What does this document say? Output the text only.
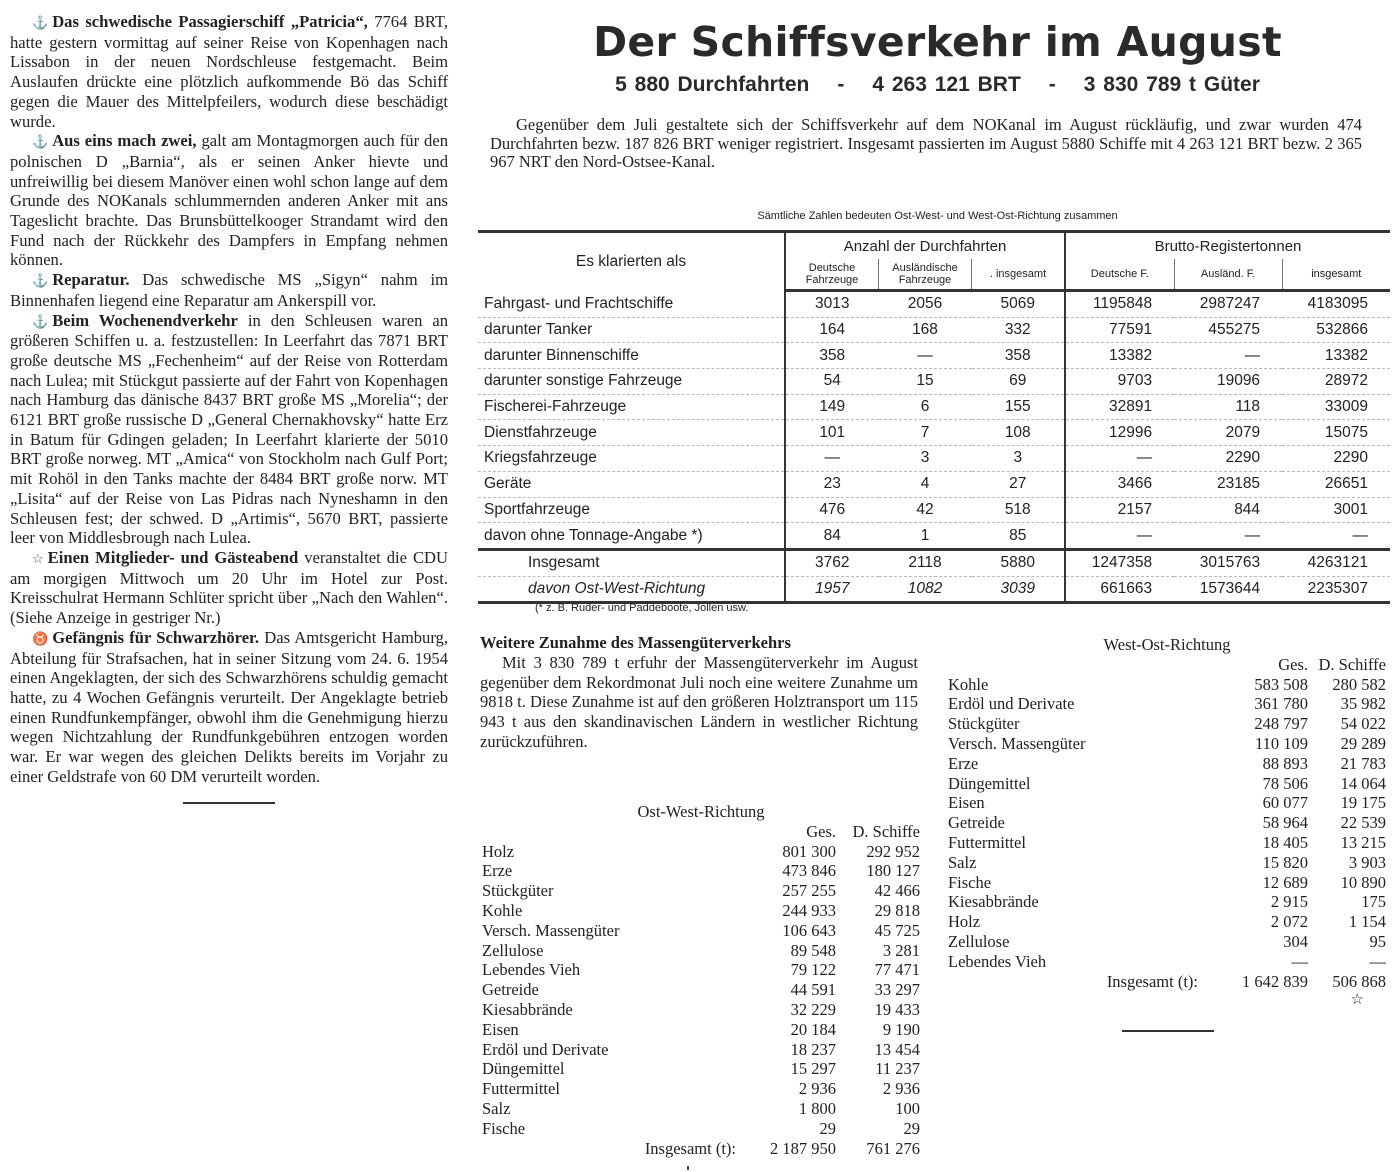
⚓ Das schwedische Passagierschiff „Patricia“, 7764 BRT, hatte gestern vormittag auf seiner Reise von Kopenhagen nach Lissabon in der neuen Nordschleuse festgemacht. Beim Auslaufen drückte eine plötzlich aufkommende Bö das Schiff gegen die Mauer des Mittelpfeilers, wodurch diese beschädigt wurde.

⚓ Aus eins mach zwei, galt am Montagmorgen auch für den polnischen D „Barnia“, als er seinen Anker hievte und unfreiwillig bei diesem Manöver einen wohl schon lange auf dem Grunde des NOKanals schlummernden anderen Anker mit ans Tageslicht brachte. Das Brunsbüttelkooger Strandamt wird den Fund nach der Rückkehr des Dampfers in Empfang nehmen können.

⚓ Reparatur. Das schwedische MS „Sigyn“ nahm im Binnenhafen liegend eine Reparatur am Ankerspill vor.

⚓ Beim Wochenendverkehr in den Schleusen waren an größeren Schiffen u. a. festzustellen: In Leerfahrt das 7871 BRT große deutsche MS „Fechenheim“ auf der Reise von Rotterdam nach Lulea; mit Stückgut passierte auf der Fahrt von Kopenhagen nach Hamburg das dänische 8437 BRT große MS „Morelia“; der 6121 BRT große russische D „General Chernakhovsky“ hatte Erz in Batum für Gdingen geladen; In Leerfahrt klarierte der 5010 BRT große norweg. MT „Amica“ von Stockholm nach Gulf Port; mit Rohöl in den Tanks machte der 8484 BRT große norw. MT „Lisita“ auf der Reise von Las Pidras nach Nyneshamn in den Schleusen fest; der schwed. D „Artimis“, 5670 BRT, passierte leer von Middlesbrough nach Lulea.

☆ Einen Mitglieder- und Gästeabend veranstaltet die CDU am morgigen Mittwoch um 20 Uhr im Hotel zur Post. Kreisschulrat Hermann Schlüter spricht über „Nach den Wahlen“. (Siehe Anzeige in gestriger Nr.)

♉ Gefängnis für Schwarzhörer. Das Amtsgericht Hamburg, Abteilung für Strafsachen, hat in seiner Sitzung vom 24. 6. 1954 einen Angeklagten, der sich des Schwarzhörens schuldig gemacht hatte, zu 4 Wochen Gefängnis verurteilt. Der Angeklagte betrieb einen Rundfunkempfänger, obwohl ihm die Genehmigung hierzu wegen Nichtzahlung der Rundfunkgebühren entzogen worden war. Er war wegen des gleichen Delikts bereits im Vorjahr zu einer Geldstrafe von 60 DM verurteilt worden.

Der Schiffsverkehr im August
5 880 Durchfahrten - 4 263 121 BRT - 3 830 789 t Güter

Gegenüber dem Juli gestaltete sich der Schiffsverkehr auf dem NOKanal im August rückläufig, und zwar wurden 474 Durchfahrten bezw. 187 826 BRT weniger registriert. Insgesamt passierten im August 5880 Schiffe mit 4 263 121 BRT bezw. 2 365 967 NRT den Nord-Ostsee-Kanal.

Sämtliche Zahlen bedeuten Ost-West- und West-Ost-Richtung zusammen
Es klarierten als	Anzahl der Durchfahrten			Brutto-Registertonnen		
	Deutsche Fahrzeuge	Ausländische Fahrzeuge	. insgesamt	Deutsche F.	Ausländ. F.	insgesamt
Fahrgast- und Frachtschiffe	3013	2056	5069	1195848	2987247	4183095
darunter Tanker	164	168	332	77591	455275	532866
darunter Binnenschiffe	358	—	358	13382	—	13382
darunter sonstige Fahrzeuge	54	15	69	9703	19096	28972
Fischerei-Fahrzeuge	149	6	155	32891	118	33009
Dienstfahrzeuge	101	7	108	12996	2079	15075
Kriegsfahrzeuge	—	3	3	—	2290	2290
Geräte	23	4	27	3466	23185	26651
Sportfahrzeuge	476	42	518	2157	844	3001
davon ohne Tonnage-Angabe *)	84	1	85	—	—	—
Insgesamt	3762	2118	5880	1247358	3015763	4263121
davon Ost-West-Richtung	1957	1082	3039	661663	1573644	2235307
(* z. B. Ruder- und Paddeboote, Jollen usw.
Weitere Zunahme des Massengüterverkehrs

Mit 3 830 789 t erfuhr der Massengüterverkehr im August gegenüber dem Rekordmonat Juli noch eine weitere Zunahme um 9818 t. Diese Zunahme ist auf den größeren Holztransport um 115 943 t aus den skandinavischen Ländern in westlicher Richtung zurückzuführen.

Ost-West-Richtung
	Ges.	D. Schiffe
Holz	801 300	292 952
Erze	473 846	180 127
Stückgüter	257 255	42 466
Kohle	244 933	29 818
Versch. Massengüter	106 643	45 725
Zellulose	89 548	3 281
Lebendes Vieh	79 122	77 471
Getreide	44 591	33 297
Kiesabbrände	32 229	19 433
Eisen	20 184	9 190
Erdöl und Derivate	18 237	13 454
Düngemittel	15 297	11 237
Futtermittel	2 936	2 936
Salz	1 800	100
Fische	29	29
Insgesamt (t):	2 187 950	761 276
West-Ost-Richtung
	Ges.	D. Schiffe
Kohle	583 508	280 582
Erdöl und Derivate	361 780	35 982
Stückgüter	248 797	54 022
Versch. Massengüter	110 109	29 289
Erze	88 893	21 783
Düngemittel	78 506	14 064
Eisen	60 077	19 175
Getreide	58 964	22 539
Futtermittel	18 405	13 215
Salz	15 820	3 903
Fische	12 689	10 890
Kiesabbrände	2 915	175
Holz	2 072	1 154
Zellulose	304	95
Lebendes Vieh	—	—
Insgesamt (t):	1 642 839	506 868
☆
